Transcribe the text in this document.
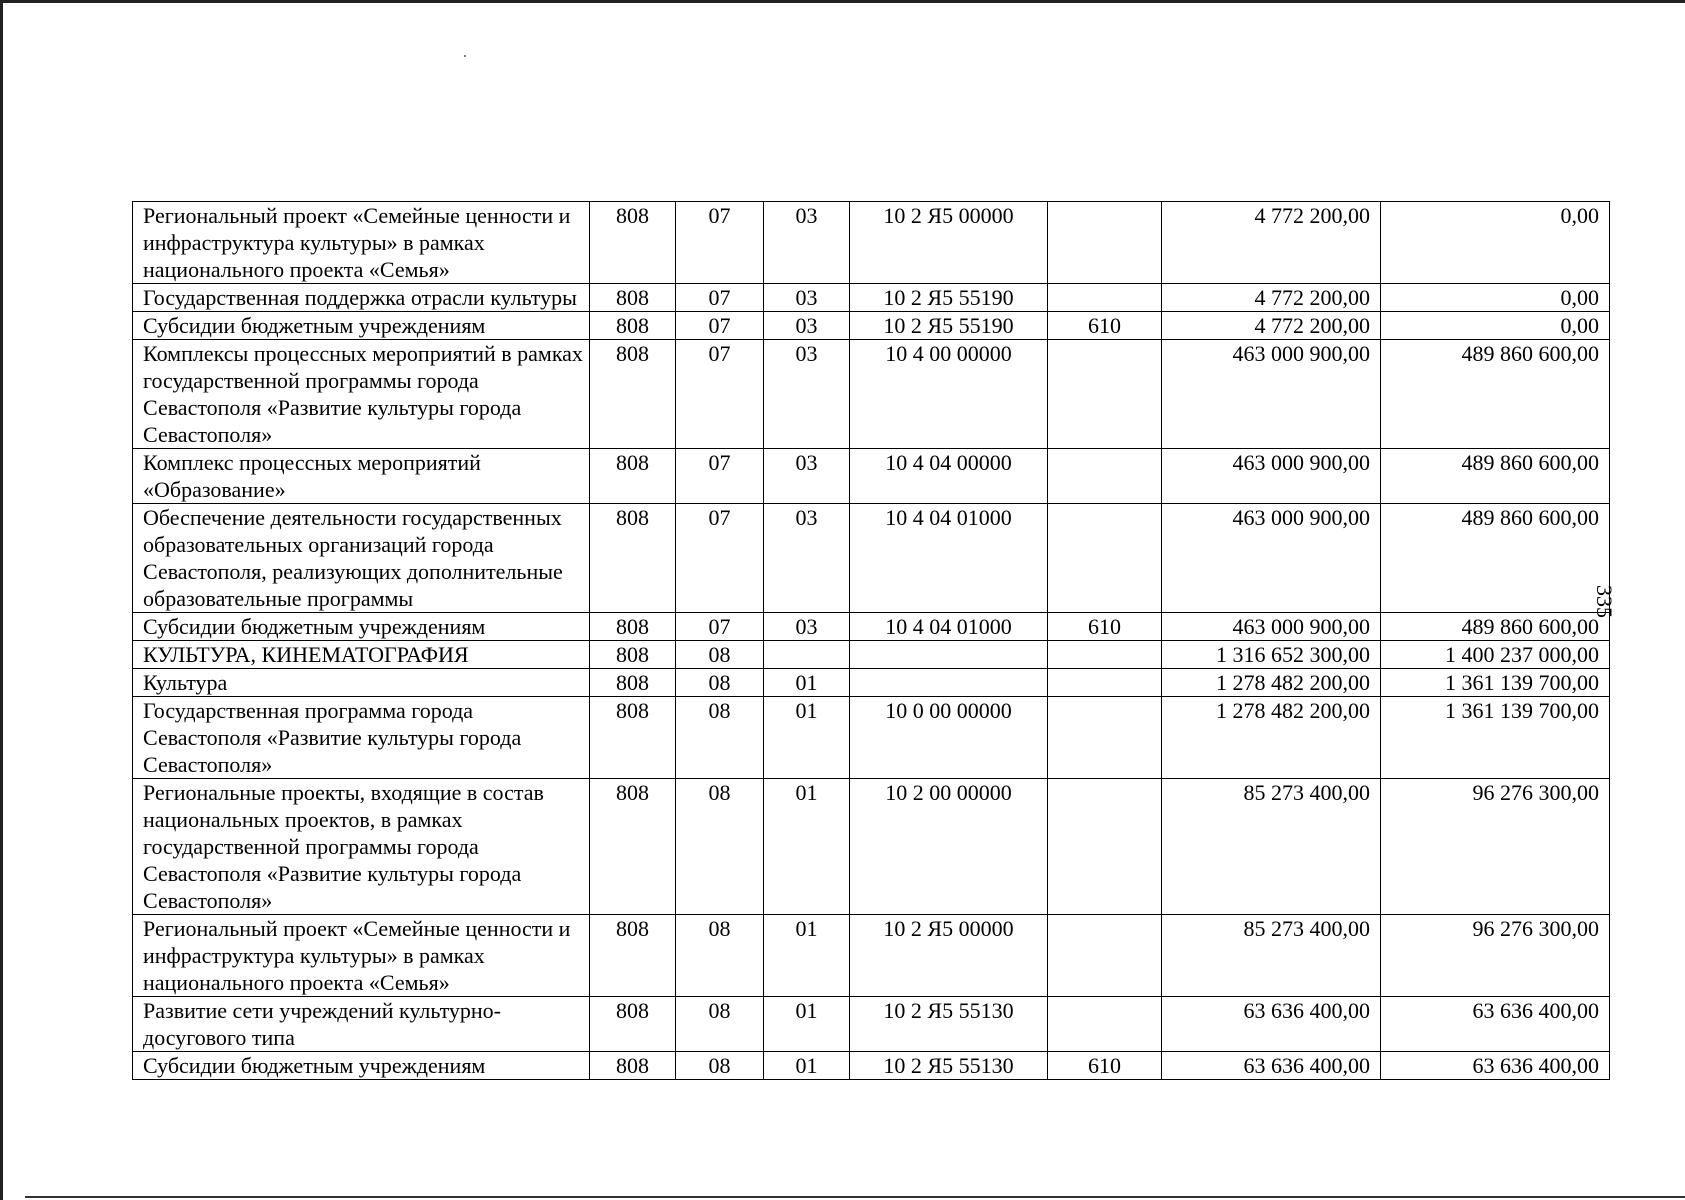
335
Региональный проект «Семейные ценности и инфраструктура культуры» в рамках национального проекта «Семья»	808	07	03	10 2 Я5 00000		4 772 200,00	0,00
Государственная поддержка отрасли культуры	808	07	03	10 2 Я5 55190		4 772 200,00	0,00
Субсидии бюджетным учреждениям	808	07	03	10 2 Я5 55190	610	4 772 200,00	0,00
Комплексы процессных мероприятий в рамках государственной программы города Севастополя «Развитие культуры города Севастополя»	808	07	03	10 4 00 00000		463 000 900,00	489 860 600,00
Комплекс процессных мероприятий «Образование»	808	07	03	10 4 04 00000		463 000 900,00	489 860 600,00
Обеспечение деятельности государственных образовательных организаций города Севастополя, реализующих дополнительные образовательные программы	808	07	03	10 4 04 01000		463 000 900,00	489 860 600,00
Субсидии бюджетным учреждениям	808	07	03	10 4 04 01000	610	463 000 900,00	489 860 600,00
КУЛЬТУРА, КИНЕМАТОГРАФИЯ	808	08				1 316 652 300,00	1 400 237 000,00
Культура	808	08	01			1 278 482 200,00	1 361 139 700,00
Государственная программа города Севастополя «Развитие культуры города Севастополя»	808	08	01	10 0 00 00000		1 278 482 200,00	1 361 139 700,00
Региональные проекты, входящие в состав национальных проектов, в рамках государственной программы города Севастополя «Развитие культуры города Севастополя»	808	08	01	10 2 00 00000		85 273 400,00	96 276 300,00
Региональный проект «Семейные ценности и инфраструктура культуры» в рамках национального проекта «Семья»	808	08	01	10 2 Я5 00000		85 273 400,00	96 276 300,00
Развитие сети учреждений культурно-досугового типа	808	08	01	10 2 Я5 55130		63 636 400,00	63 636 400,00
Субсидии бюджетным учреждениям	808	08	01	10 2 Я5 55130	610	63 636 400,00	63 636 400,00
